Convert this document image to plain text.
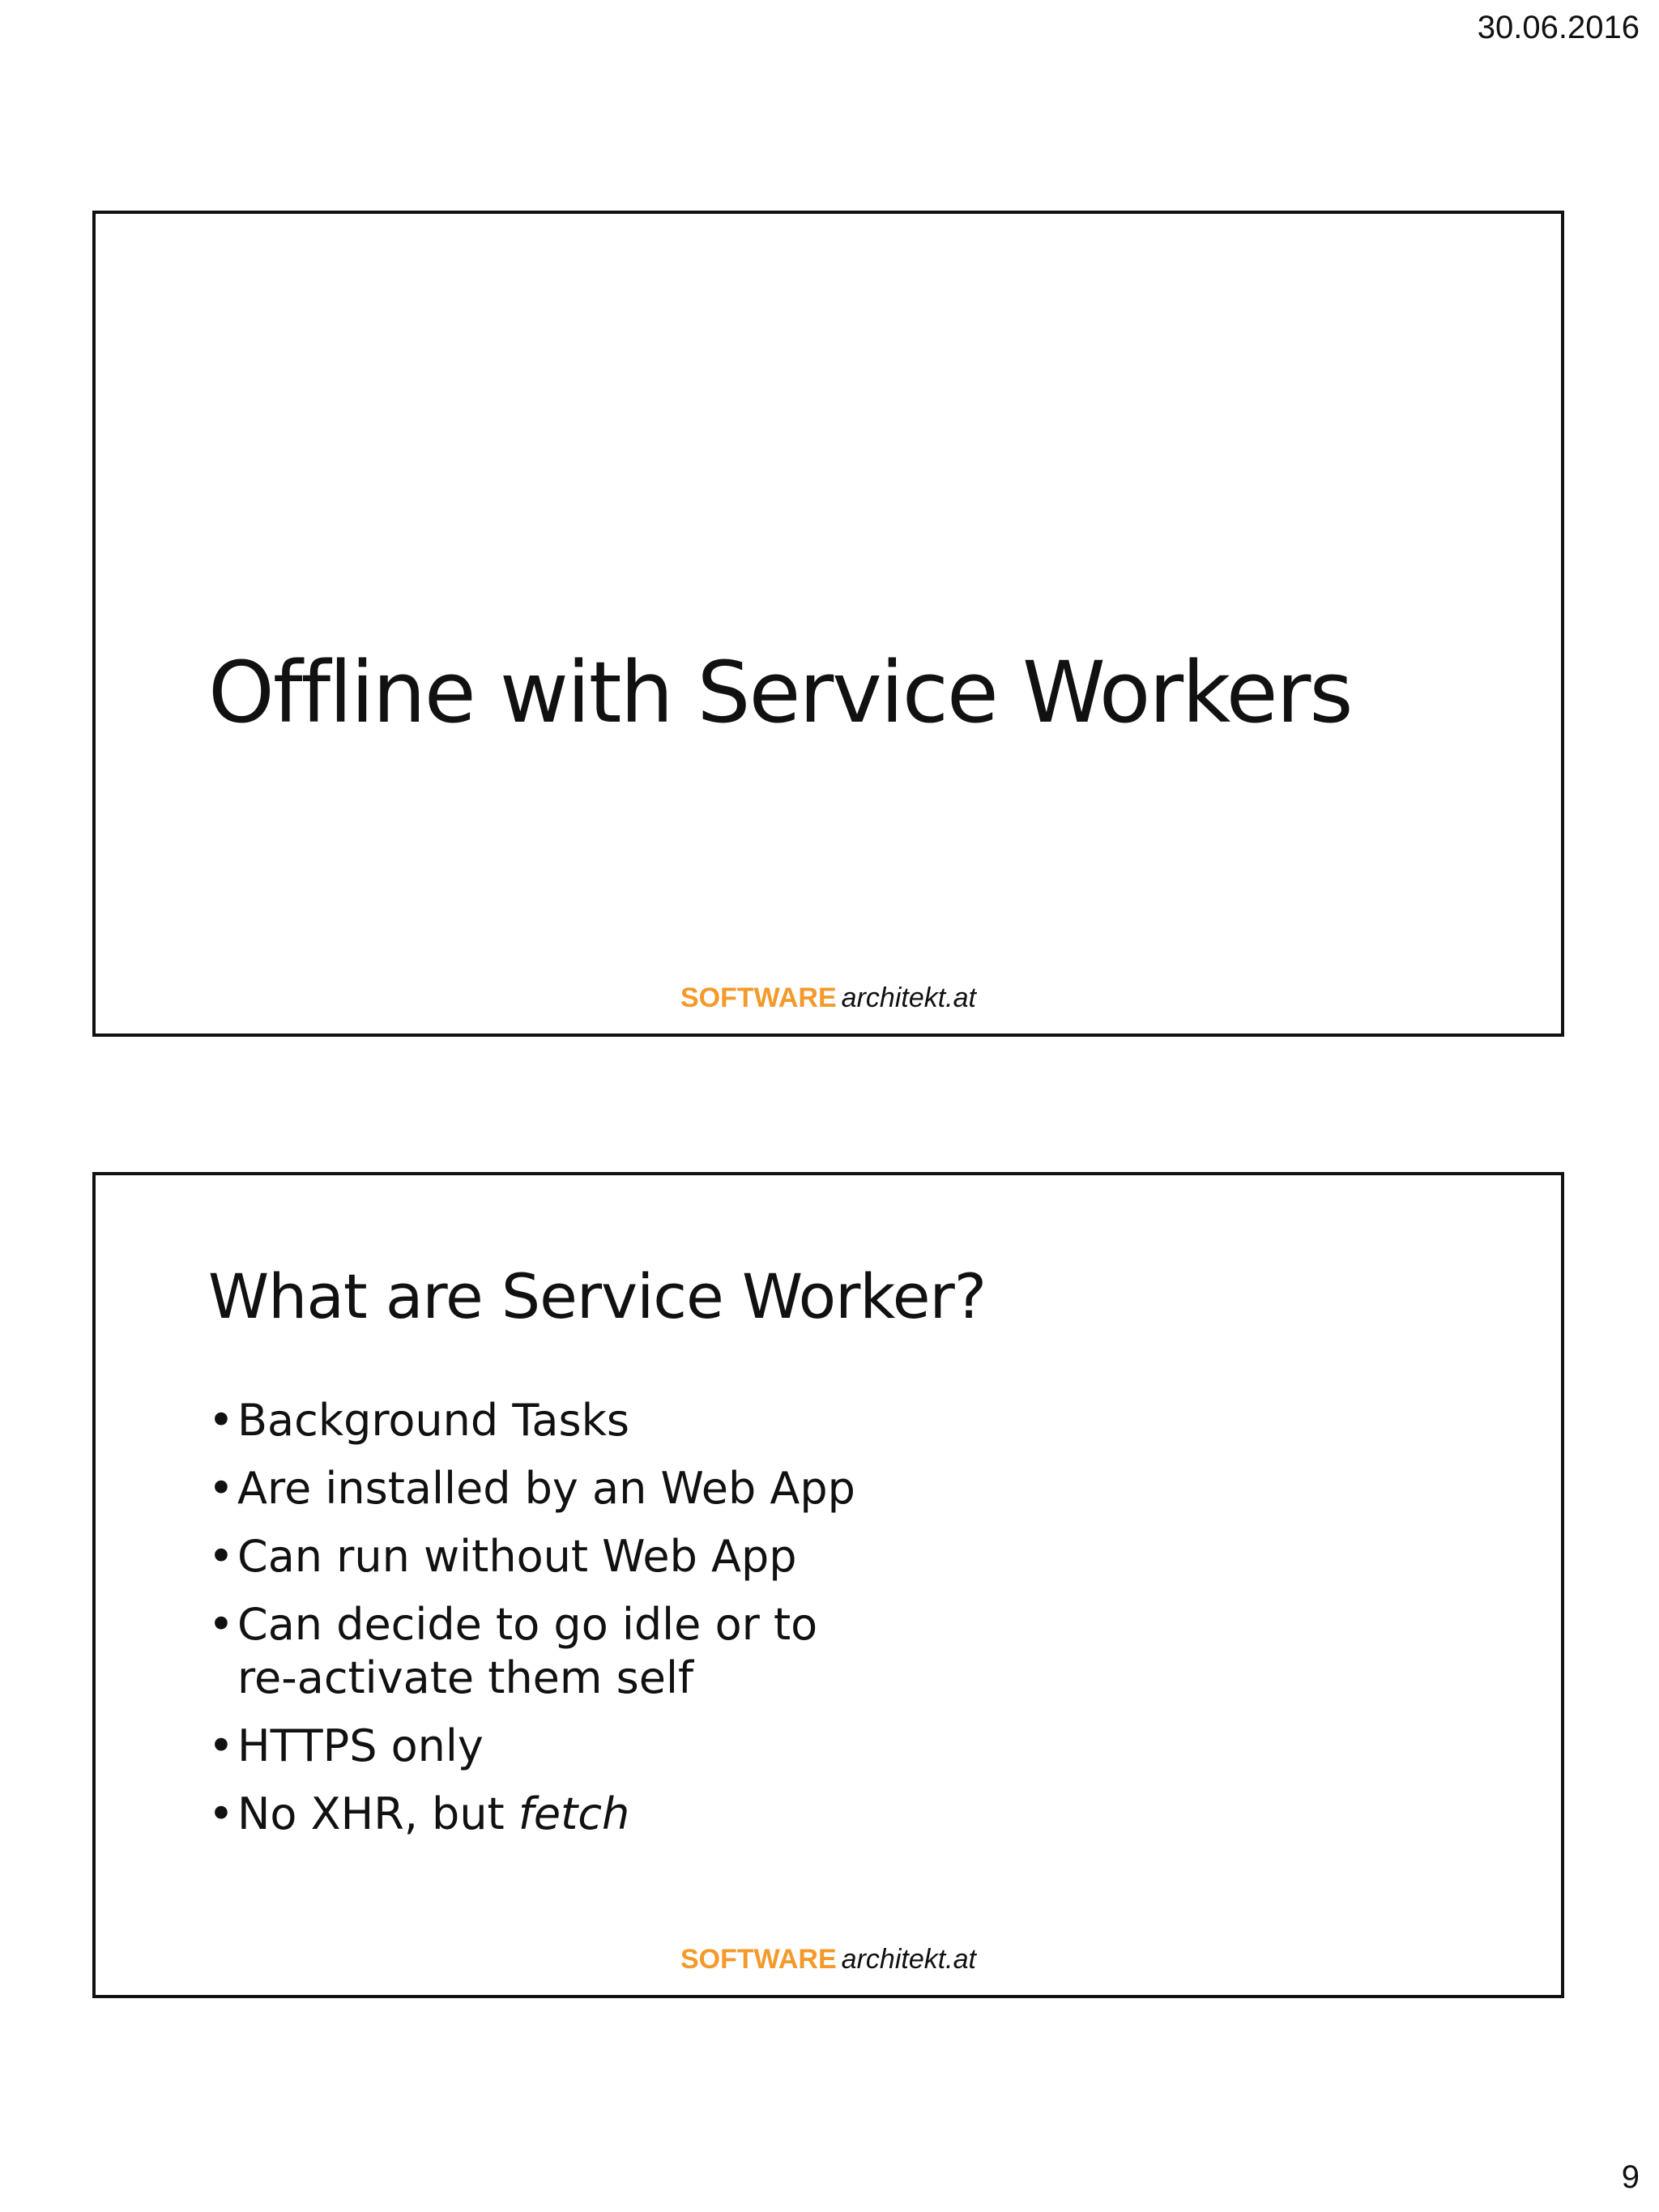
30.06.2016
Offline with Service Workers
SOFTWARE architekt.at
What are Service Worker?
• Background Tasks
• Are installed by an Web App
• Can run without Web App
• Can decide to go idle or to
re-activate them self
• HTTPS only
• No XHR, but fetch
SOFTWARE architekt.at
9
